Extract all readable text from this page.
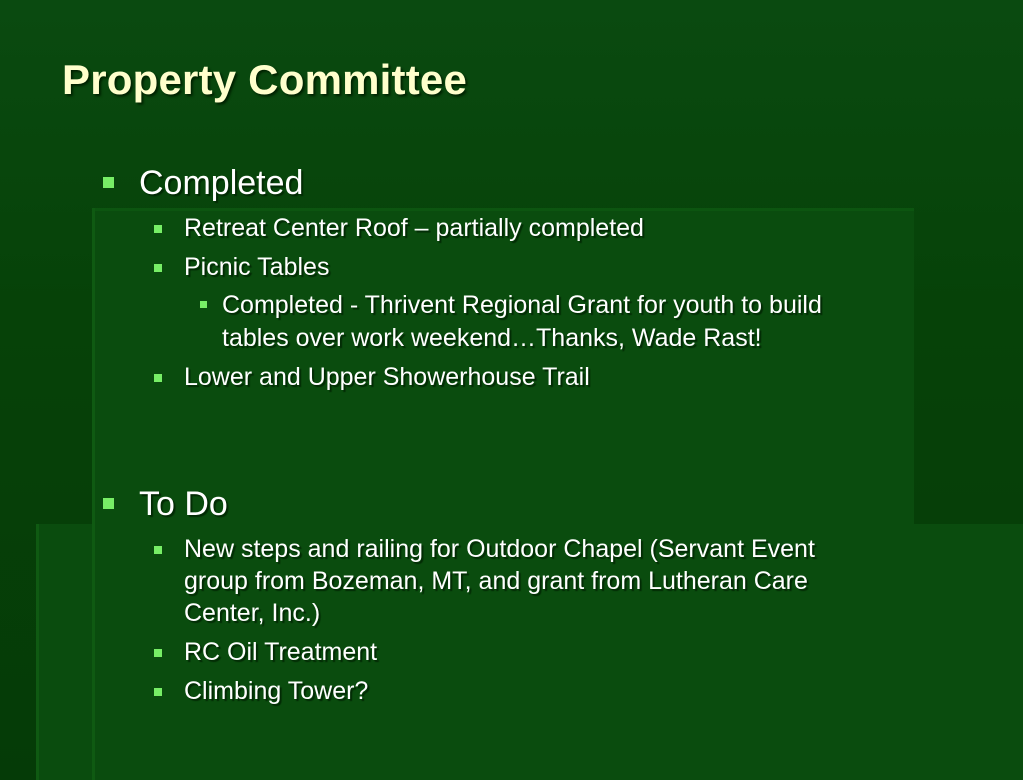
Property Committee
Completed
Retreat Center Roof – partially completed
Picnic Tables
Completed - Thrivent Regional Grant for youth to build
tables over work weekend…Thanks, Wade Rast!
Lower and Upper Showerhouse Trail
To Do
New steps and railing for Outdoor Chapel (Servant Event
group from Bozeman, MT, and grant from Lutheran Care
Center, Inc.)
RC Oil Treatment
Climbing Tower?
